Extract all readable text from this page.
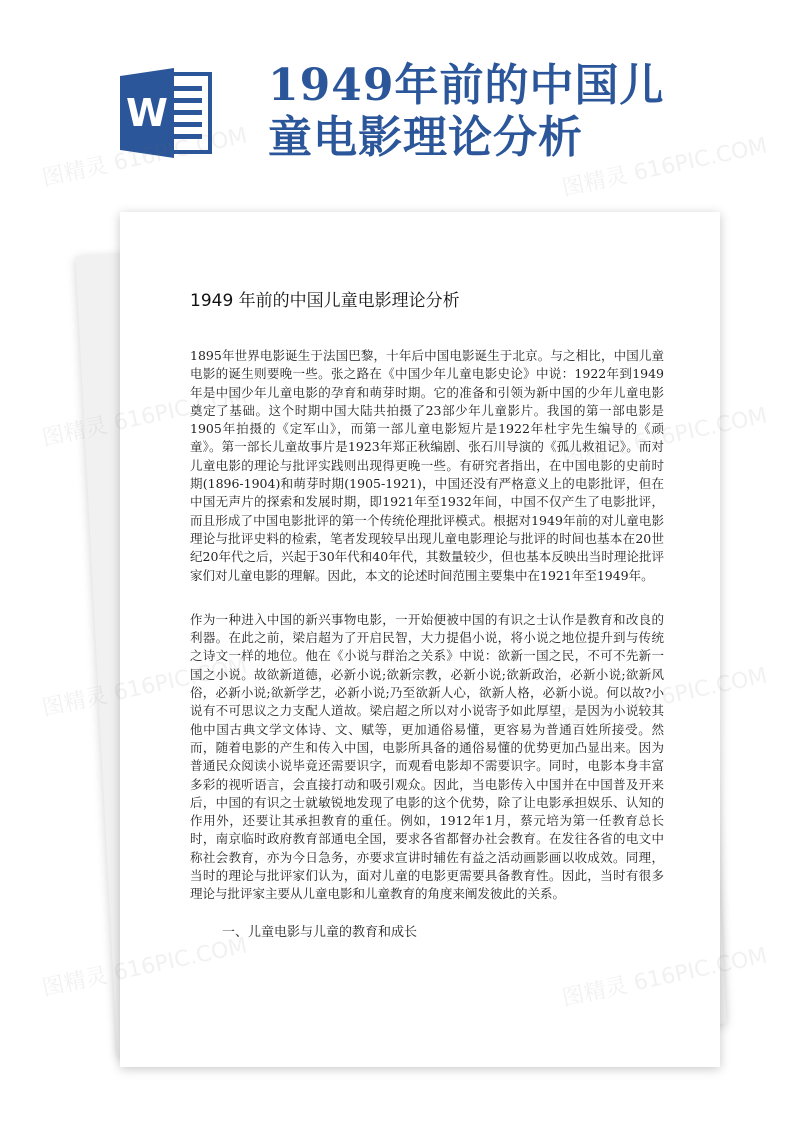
W
1949年前的中国儿童电影理论分析
1949 年前的中国儿童电影理论分析

1895年世界电影诞生于法国巴黎，十年后中国电影诞生于北京。与之相比，中国儿童电影的诞生则要晚一些。张之路在《中国少年儿童电影史论》中说：1922年到1949年是中国少年儿童电影的孕育和萌芽时期。它的准备和引领为新中国的少年儿童电影奠定了基础。这个时期中国大陆共拍摄了23部少年儿童影片。我国的第一部电影是1905年拍摄的《定军山》，而第一部儿童电影短片是1922年杜宇先生编导的《顽童》。第一部长儿童故事片是1923年郑正秋编剧、张石川导演的《孤儿救祖记》。而对儿童电影的理论与批评实践则出现得更晚一些。有研究者指出，在中国电影的史前时期(1896-1904)和萌芽时期(1905-1921)，中国还没有严格意义上的电影批评，但在中国无声片的探索和发展时期，即1921年至1932年间，中国不仅产生了电影批评，而且形成了中国电影批评的第一个传统伦理批评模式。根据对1949年前的对儿童电影理论与批评史料的检索，笔者发现较早出现儿童电影理论与批评的时间也基本在20世纪20年代之后，兴起于30年代和40年代，其数量较少，但也基本反映出当时理论批评家们对儿童电影的理解。因此，本文的论述时间范围主要集中在1921年至1949年。

作为一种进入中国的新兴事物电影，一开始便被中国的有识之士认作是教育和改良的利器。在此之前，梁启超为了开启民智，大力提倡小说，将小说之地位提升到与传统之诗文一样的地位。他在《小说与群治之关系》中说：欲新一国之民，不可不先新一国之小说。故欲新道德，必新小说;欲新宗教，必新小说;欲新政治，必新小说;欲新风俗，必新小说;欲新学艺，必新小说;乃至欲新人心，欲新人格，必新小说。何以故?小说有不可思议之力支配人道故。梁启超之所以对小说寄予如此厚望，是因为小说较其他中国古典文学文体诗、文、赋等，更加通俗易懂，更容易为普通百姓所接受。然而，随着电影的产生和传入中国，电影所具备的通俗易懂的优势更加凸显出来。因为普通民众阅读小说毕竟还需要识字，而观看电影却不需要识字。同时，电影本身丰富多彩的视听语言，会直接打动和吸引观众。因此，当电影传入中国并在中国普及开来后，中国的有识之士就敏锐地发现了电影的这个优势，除了让电影承担娱乐、认知的作用外，还要让其承担教育的重任。例如，1912年1月，蔡元培为第一任教育总长时，南京临时政府教育部通电全国，要求各省都督办社会教育。在发往各省的电文中称社会教育，亦为今日急务，亦要求宣讲时辅佐有益之活动画影画以收成效。同理，当时的理论与批评家们认为，面对儿童的电影更需要具备教育性。因此，当时有很多理论与批评家主要从儿童电影和儿童教育的角度来阐发彼此的关系。

一、儿童电影与儿童的教育和成长
图精灵 616PIC.COM	图精灵 616PIC.COM
图精灵
图精灵
图精灵
